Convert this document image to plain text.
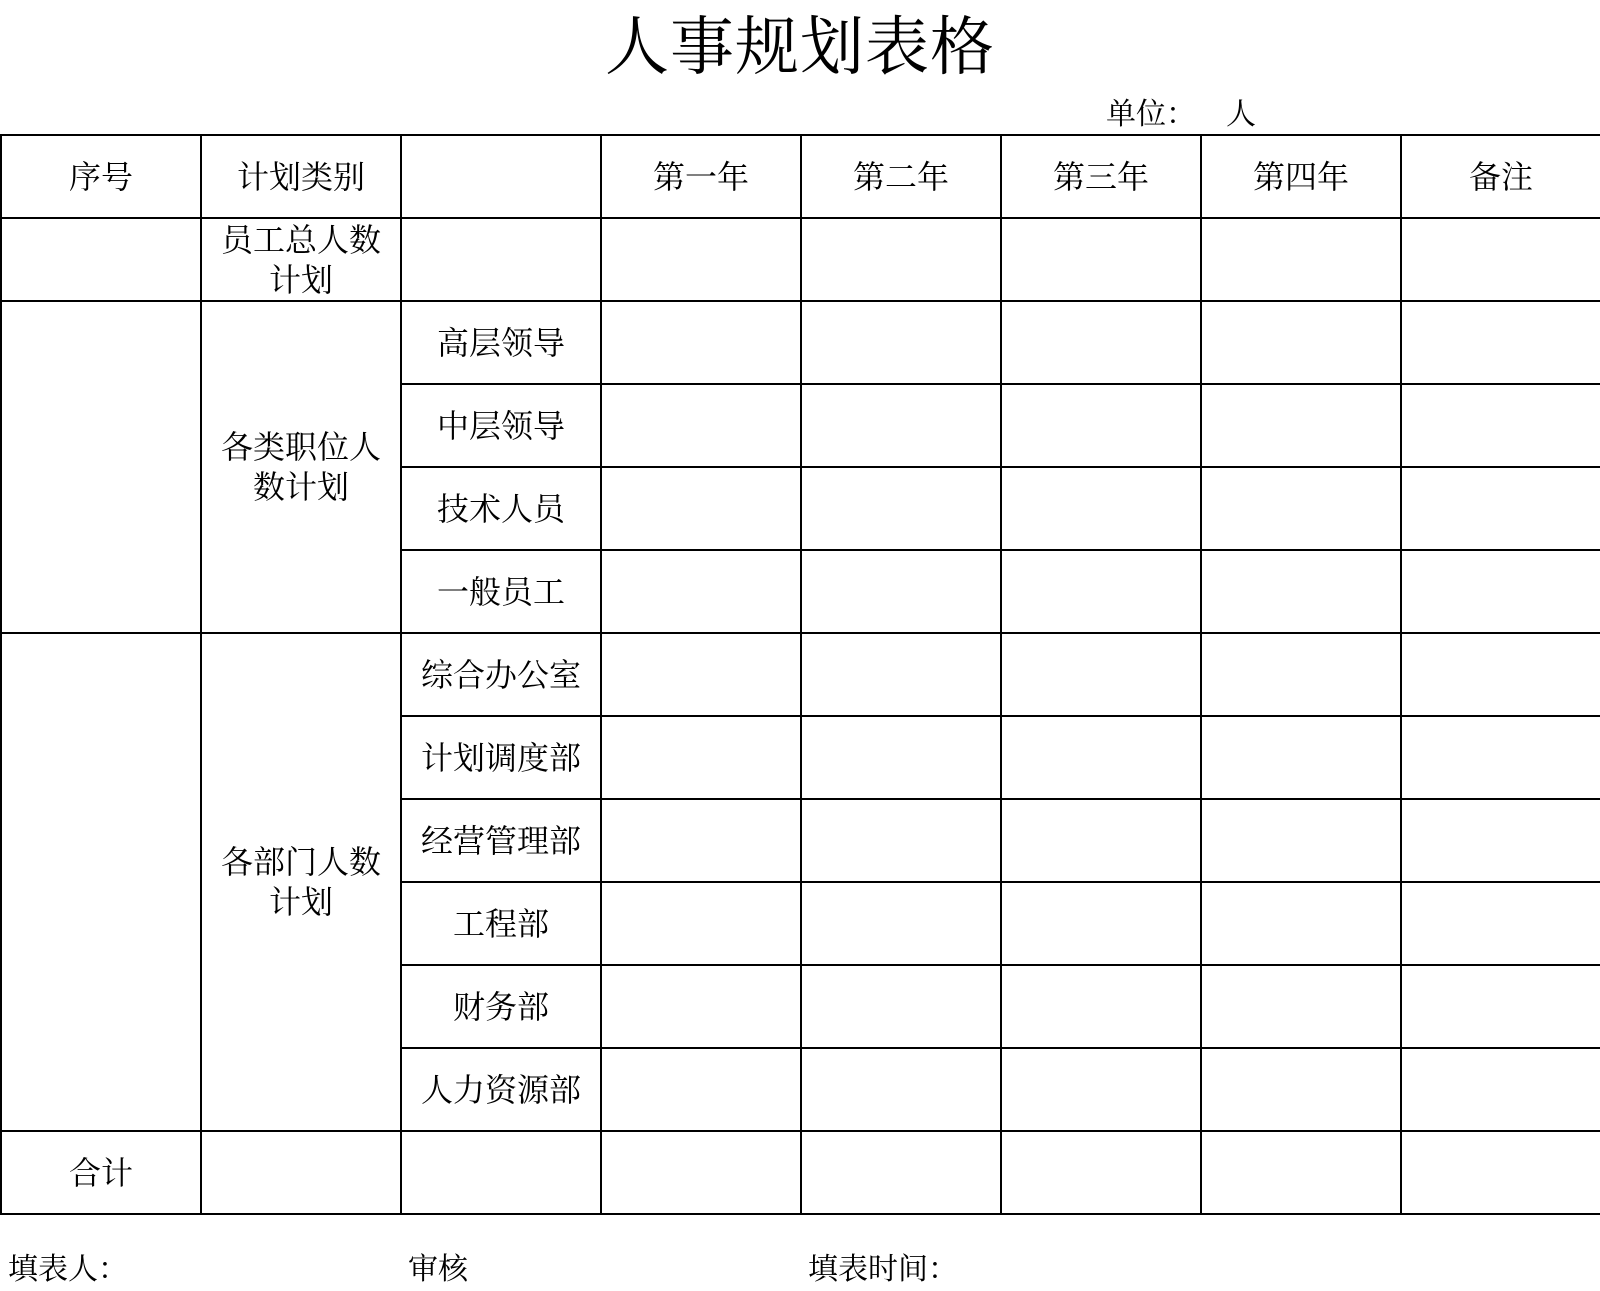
人事规划表格
单位： 人
序号	计划类别		第一年	第二年	第三年	第四年	备注
	员工总人数计划						
	各类职位人数计划	高层领导					
		中层领导					
		技术人员					
		一般员工					
	各部门人数计划	综合办公室					
		计划调度部					
		经营管理部					
		工程部					
		财务部					
		人力资源部					
合计							
填表人：	审核	填表时间：
